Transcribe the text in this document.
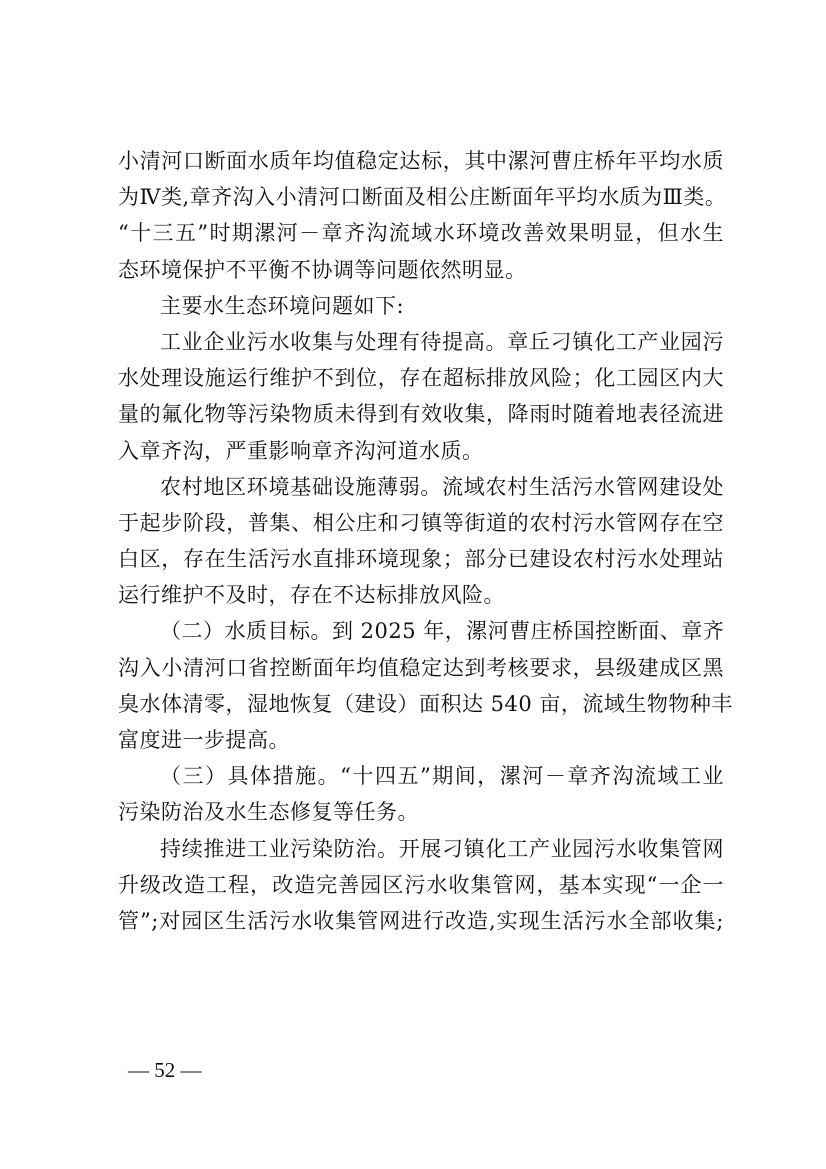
小清河口断面水质年均值稳定达标，其中漯河曹庄桥年平均水质
为Ⅳ类,章齐沟入小清河口断面及相公庄断面年平均水质为Ⅲ类。
“十三五”时期漯河－章齐沟流域水环境改善效果明显，但水生
态环境保护不平衡不协调等问题依然明显。
主要水生态环境问题如下:
工业企业污水收集与处理有待提高。章丘刁镇化工产业园污
水处理设施运行维护不到位，存在超标排放风险；化工园区内大
量的氟化物等污染物质未得到有效收集，降雨时随着地表径流进
入章齐沟，严重影响章齐沟河道水质。
农村地区环境基础设施薄弱。流域农村生活污水管网建设处
于起步阶段，普集、相公庄和刁镇等街道的农村污水管网存在空
白区，存在生活污水直排环境现象；部分已建设农村污水处理站
运行维护不及时，存在不达标排放风险。
（二）水质目标。到 2025 年，漯河曹庄桥国控断面、章齐
沟入小清河口省控断面年均值稳定达到考核要求，县级建成区黑
臭水体清零，湿地恢复（建设）面积达 540 亩，流域生物物种丰
富度进一步提高。
（三）具体措施。“十四五”期间，漯河－章齐沟流域工业
污染防治及水生态修复等任务。
持续推进工业污染防治。开展刁镇化工产业园污水收集管网
升级改造工程，改造完善园区污水收集管网，基本实现“一企一
管”;对园区生活污水收集管网进行改造,实现生活污水全部收集;
— 52 —
